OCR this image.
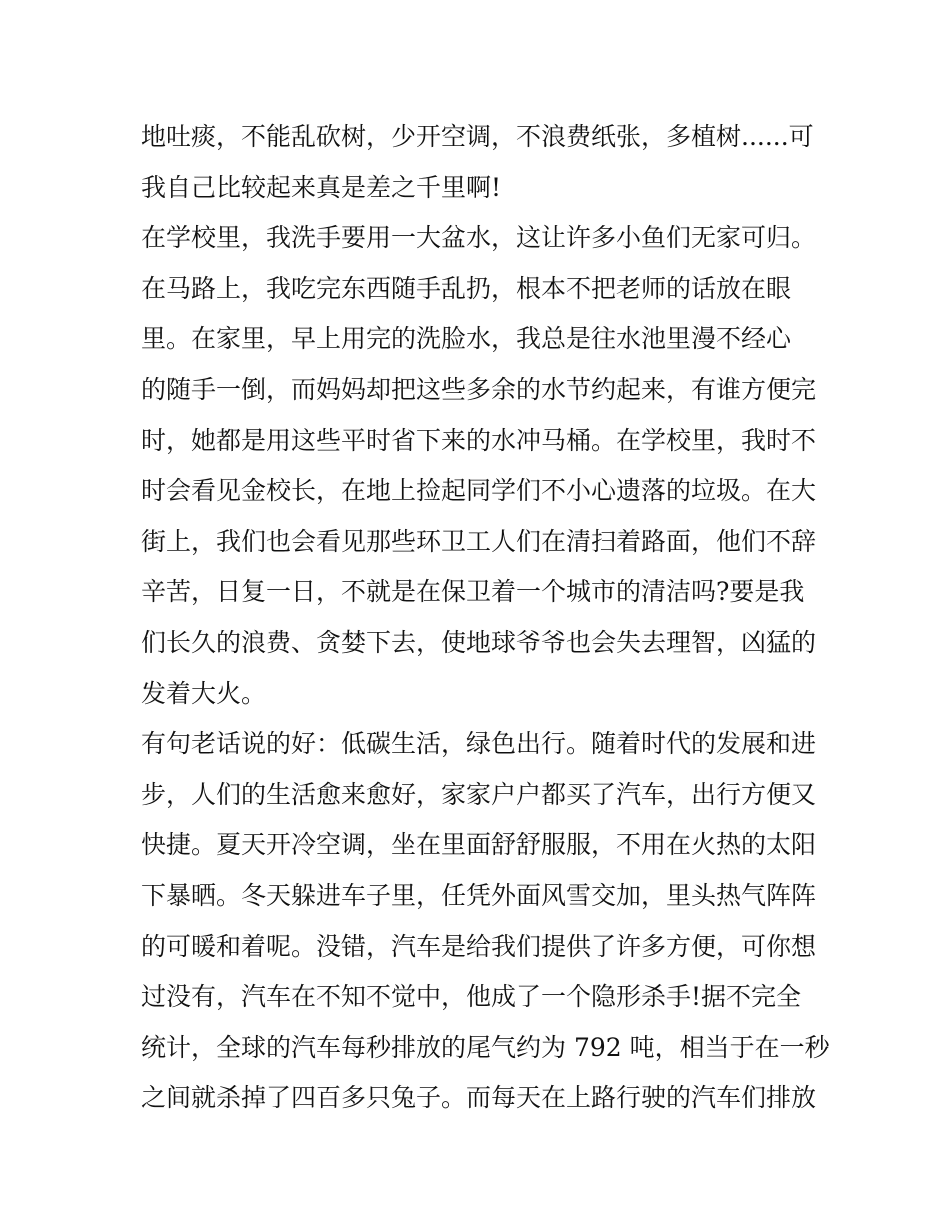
地吐痰，不能乱砍树，少开空调，不浪费纸张，多植树......可
我自己比较起来真是差之千里啊!
在学校里，我洗手要用一大盆水，这让许多小鱼们无家可归。
在马路上，我吃完东西随手乱扔，根本不把老师的话放在眼
里。在家里，早上用完的洗脸水，我总是往水池里漫不经心
的随手一倒，而妈妈却把这些多余的水节约起来，有谁方便完
时，她都是用这些平时省下来的水冲马桶。在学校里，我时不
时会看见金校长，在地上捡起同学们不小心遗落的垃圾。在大
街上，我们也会看见那些环卫工人们在清扫着路面，他们不辞
辛苦，日复一日，不就是在保卫着一个城市的清洁吗?要是我
们长久的浪费、贪婪下去，使地球爷爷也会失去理智，凶猛的
发着大火。
有句老话说的好：低碳生活，绿色出行。随着时代的发展和进
步，人们的生活愈来愈好，家家户户都买了汽车，出行方便又
快捷。夏天开冷空调，坐在里面舒舒服服，不用在火热的太阳
下暴晒。冬天躲进车子里，任凭外面风雪交加，里头热气阵阵
的可暖和着呢。没错，汽车是给我们提供了许多方便，可你想
过没有，汽车在不知不觉中，他成了一个隐形杀手!据不完全
统计，全球的汽车每秒排放的尾气约为 792 吨，相当于在一秒
之间就杀掉了四百多只兔子。而每天在上路行驶的汽车们排放
